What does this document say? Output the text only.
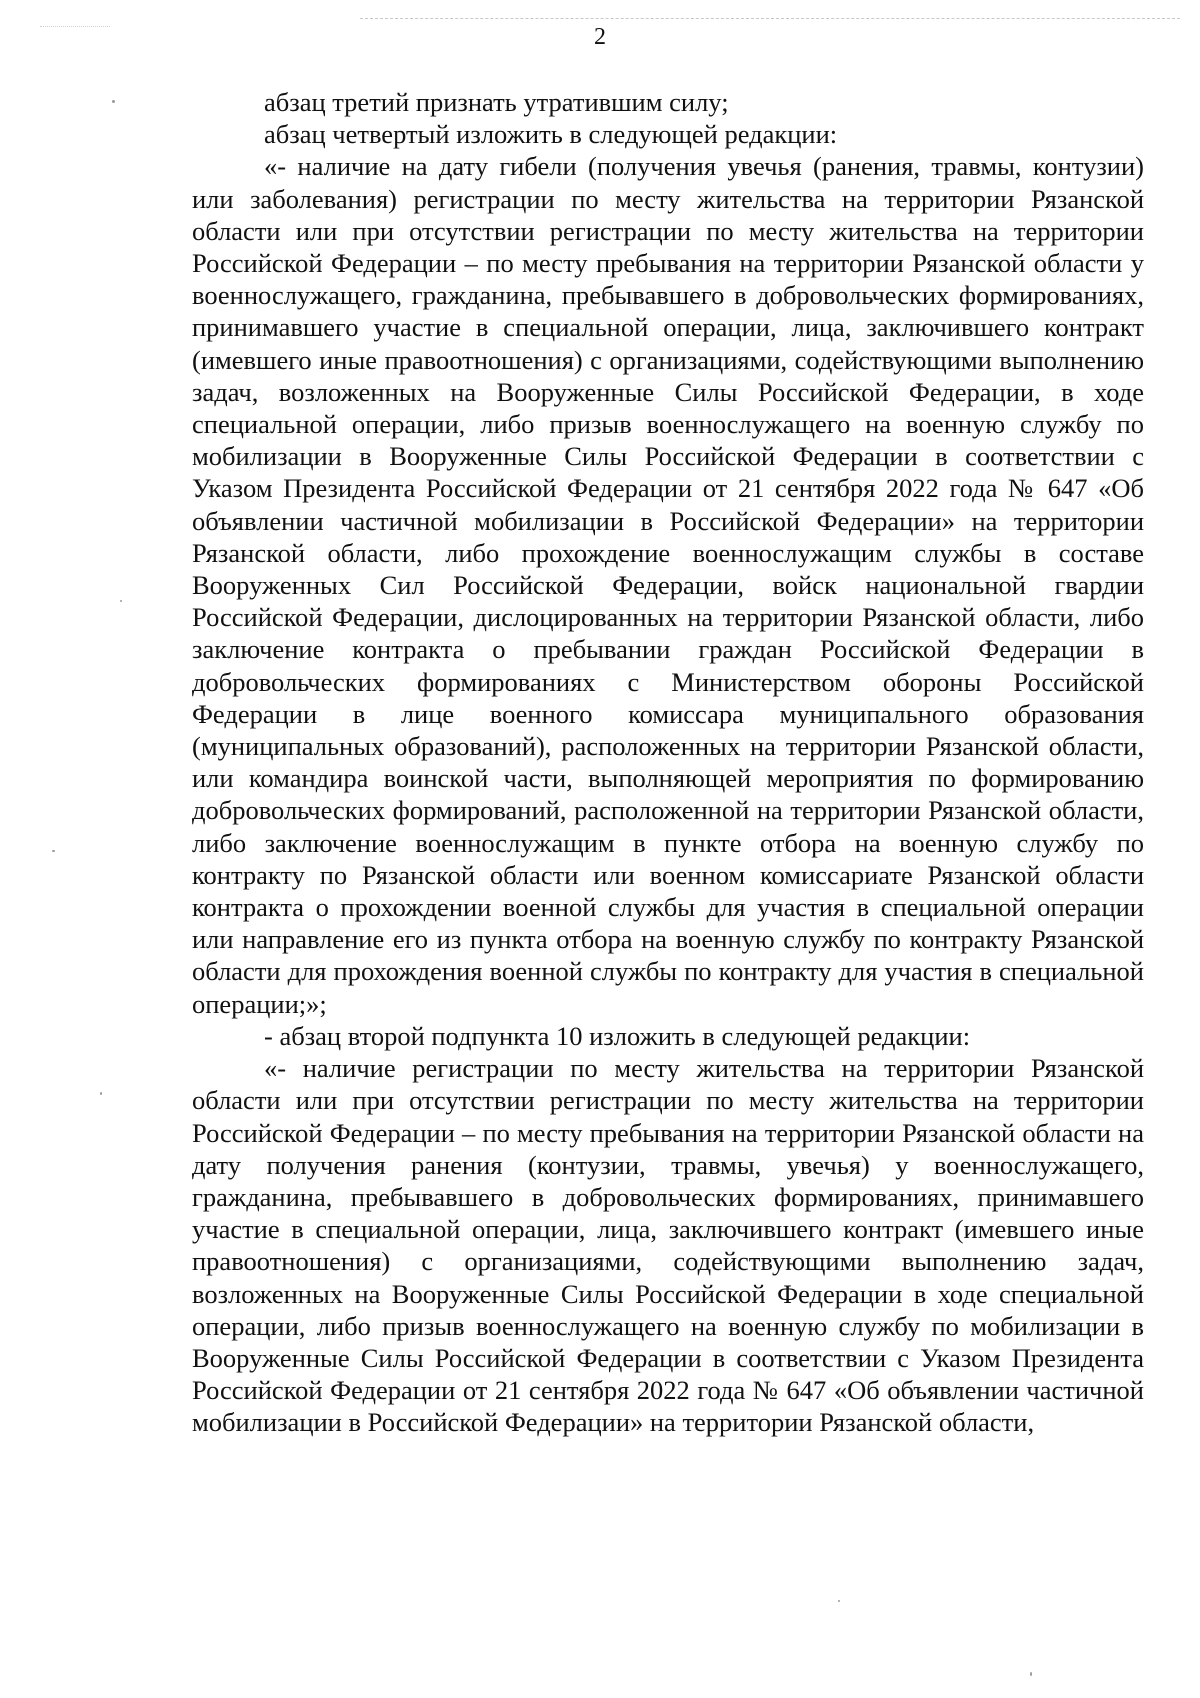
2

абзац третий признать утратившим силу;

абзац четвертый изложить в следующей редакции:

«- наличие на дату гибели (получения увечья (ранения, травмы, контузии) или заболевания) регистрации по месту жительства на территории Рязанской области или при отсутствии регистрации по месту жительства на территории Российской Федерации – по месту пребывания на территории Рязанской области у военнослужащего, гражданина, пребывавшего в добровольческих формированиях, принимавшего участие в специальной операции, лица, заключившего контракт (имевшего иные правоотношения) с организациями, содействующими выполнению задач, возложенных на Вооруженные Силы Российской Федерации, в ходе специальной операции, либо призыв военнослужащего на военную службу по мобилизации в Вооруженные Силы Российской Федерации в соответствии с Указом Президента Российской Федерации от 21 сентября 2022 года № 647 «Об объявлении частичной мобилизации в Российской Федерации» на территории Рязанской области, либо прохождение военнослужащим службы в составе Вооруженных Сил Российской Федерации, войск национальной гвардии Российской Федерации, дислоцированных на территории Рязанской области, либо заключение контракта о пребывании граждан Российской Федерации в добровольческих формированиях с Министерством обороны Российской Федерации в лице военного комиссара муниципального образования (муниципальных образований), расположенных на территории Рязанской области, или командира воинской части, выполняющей мероприятия по формированию добровольческих формирований, расположенной на территории Рязанской области, либо заключение военнослужащим в пункте отбора на военную службу по контракту по Рязанской области или военном комиссариате Рязанской области контракта о прохождении военной службы для участия в специальной операции или направление его из пункта отбора на военную службу по контракту Рязанской области для прохождения военной службы по контракту для участия в специальной операции;»;

- абзац второй подпункта 10 изложить в следующей редакции:

«- наличие регистрации по месту жительства на территории Рязанской области или при отсутствии регистрации по месту жительства на территории Российской Федерации – по месту пребывания на территории Рязанской области на дату получения ранения (контузии, травмы, увечья) у военнослужащего, гражданина, пребывавшего в добровольческих формированиях, принимавшего участие в специальной операции, лица, заключившего контракт (имевшего иные правоотношения) с организациями, содействующими выполнению задач, возложенных на Вооруженные Силы Российской Федерации в ходе специальной операции, либо призыв военнослужащего на военную службу по мобилизации в Вооруженные Силы Российской Федерации в соответствии с Указом Президента Российской Федерации от 21 сентября 2022 года № 647 «Об объявлении частичной мобилизации в Российской Федерации» на территории Рязанской области,
